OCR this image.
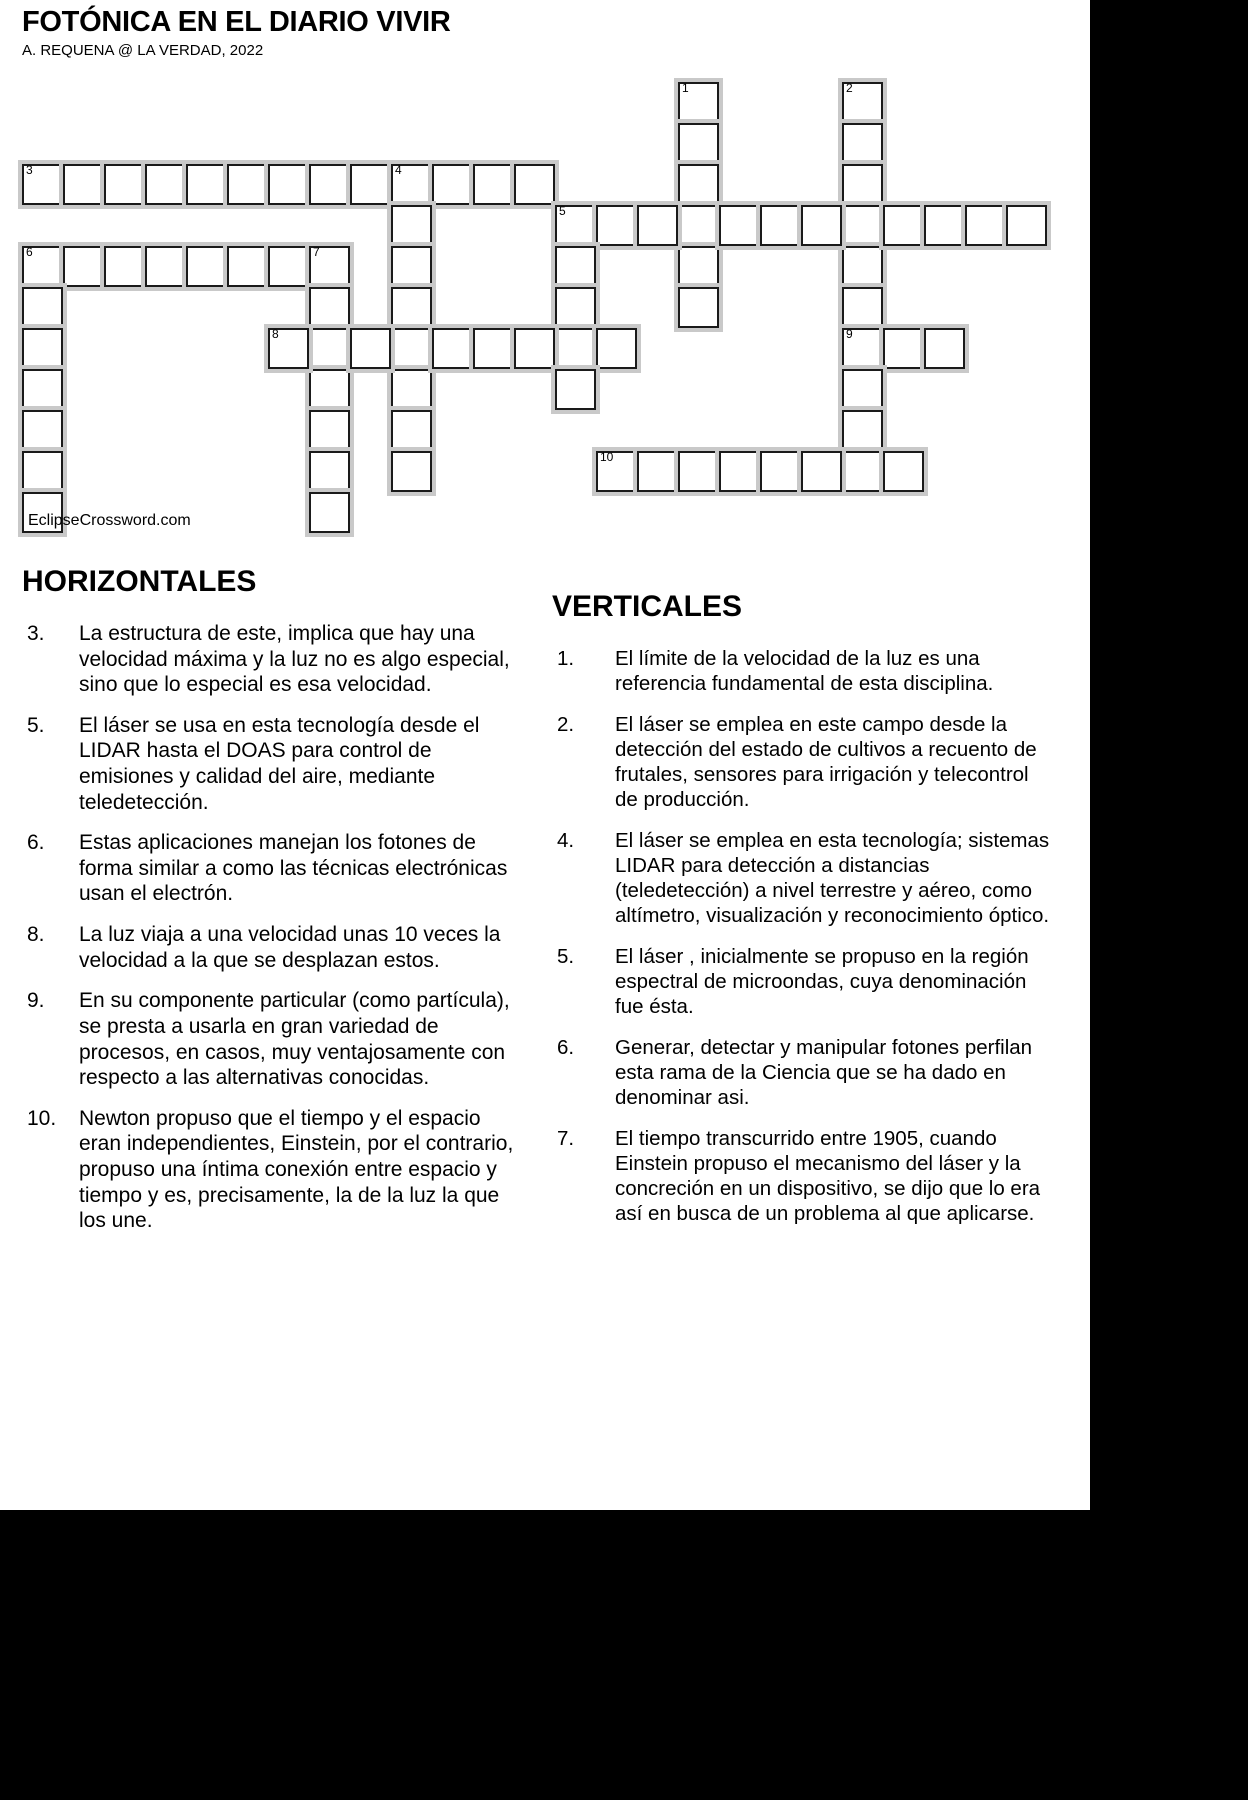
FOTÓNICA EN EL DIARIO VIVIR
A. REQUENA @ LA VERDAD, 2022
1	2
3	4
5
6	7
8	9
10
EclipseCrossword.com
HORIZONTALES
3.	La estructura de este, implica que hay una velocidad máxima y la luz no es algo especial, sino que lo especial es esa velocidad.
5.	El láser se usa en esta tecnología desde el LIDAR hasta el DOAS para control de emisiones y calidad del aire, mediante teledetección.
6.	Estas aplicaciones manejan los fotones de forma similar a como las técnicas electrónicas usan el electrón.
8.	La luz viaja a una velocidad unas 10 veces la velocidad a la que se desplazan estos.
9.	En su componente particular (como partícula), se presta a usarla en gran variedad de procesos, en casos, muy ventajosamente con respecto a las alternativas conocidas.
10.	Newton propuso que el tiempo y el espacio eran independientes, Einstein, por el contrario, propuso una íntima conexión entre espacio y tiempo y es, precisamente, la de la luz la que los une.
VERTICALES
1.	El límite de la velocidad de la luz es una referencia fundamental de esta disciplina.
2.	El láser se emplea en este campo desde la detección del estado de cultivos a recuento de frutales, sensores para irrigación y telecontrol de producción.
4.	El láser se emplea en esta tecnología; sistemas LIDAR para detección a distancias (teledetección) a nivel terrestre y aéreo, como altímetro, visualización y reconocimiento óptico.
5.	El láser , inicialmente se propuso en la región espectral de microondas, cuya denominación fue ésta.
6.	Generar, detectar y manipular fotones perfilan esta rama de la Ciencia que se ha dado en denominar asi.
7.	El tiempo transcurrido entre 1905, cuando Einstein propuso el mecanismo del láser y la concreción en un dispositivo, se dijo que lo era así en busca de un problema al que aplicarse.
